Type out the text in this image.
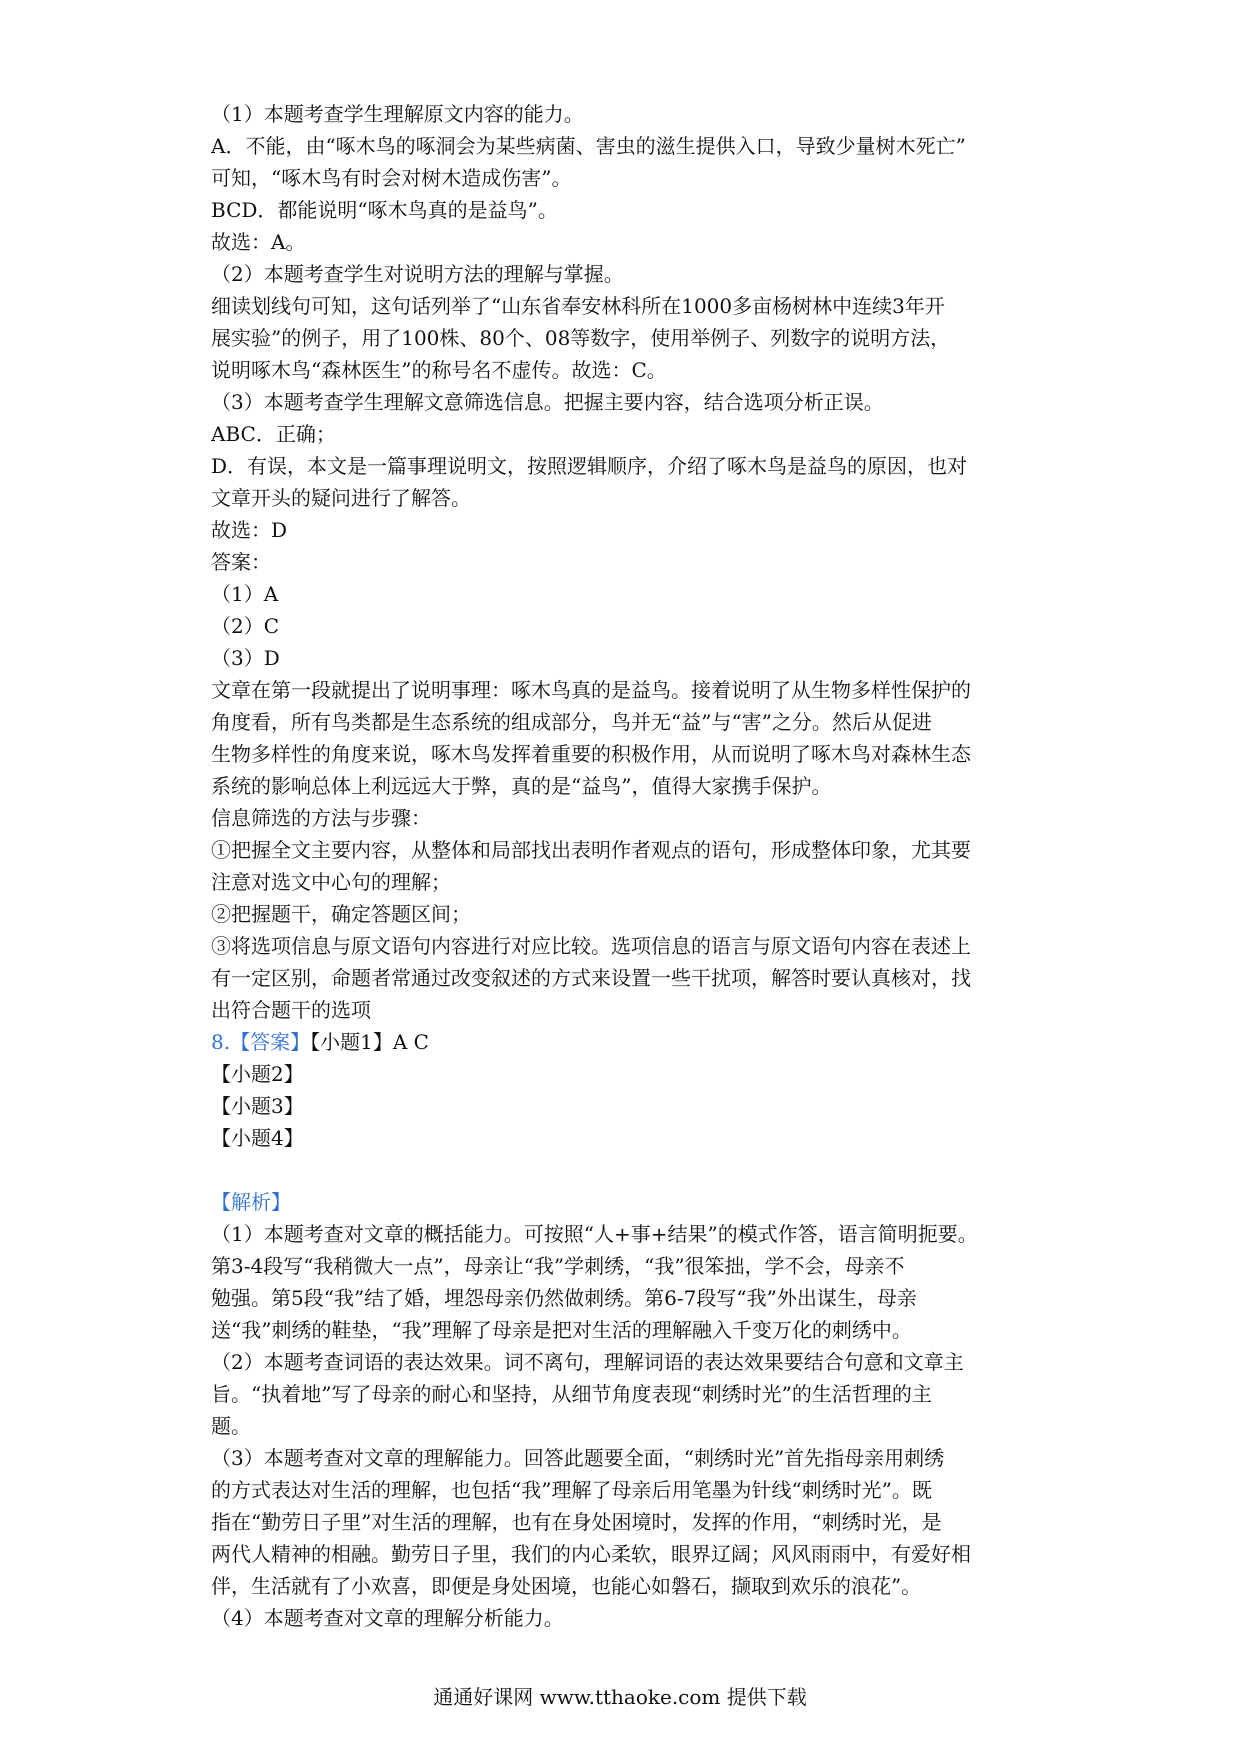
（1）本题考查学生理解原文内容的能力。
A．不能，由“啄木鸟的啄洞会为某些病菌、害虫的滋生提供入口，导致少量树木死亡”
可知，“啄木鸟有时会对树木造成伤害”。
BCD．都能说明“啄木鸟真的是益鸟”。
故选：A。
（2）本题考查学生对说明方法的理解与掌握。
细读划线句可知，这句话列举了“山东省奉安林科所在1000多亩杨树林中连续3年开
展实验”的例子，用了100株、80个、08等数字，使用举例子、列数字的说明方法，
说明啄木鸟“森林医生”的称号名不虚传。故选：C。
（3）本题考查学生理解文意筛选信息。把握主要内容，结合选项分析正误。
ABC．正确；
D．有误，本文是一篇事理说明文，按照逻辑顺序，介绍了啄木鸟是益鸟的原因，也对
文章开头的疑问进行了解答。
故选：D
答案：
（1）A
（2）C
（3）D
文章在第一段就提出了说明事理：啄木鸟真的是益鸟。接着说明了从生物多样性保护的
角度看，所有鸟类都是生态系统的组成部分，鸟并无“益”与“害”之分。然后从促进
生物多样性的角度来说，啄木鸟发挥着重要的积极作用，从而说明了啄木鸟对森林生态
系统的影响总体上利远远大于弊，真的是“益鸟”，值得大家携手保护。
信息筛选的方法与步骤：
①把握全文主要内容，从整体和局部找出表明作者观点的语句，形成整体印象，尤其要
注意对选文中心句的理解；
②把握题干，确定答题区间；
③将选项信息与原文语句内容进行对应比较。选项信息的语言与原文语句内容在表述上
有一定区别，命题者常通过改变叙述的方式来设置一些干扰项，解答时要认真核对，找
出符合题干的选项
8.【答案】【小题1】A C
【小题2】
【小题3】
【小题4】
【解析】
（1）本题考查对文章的概括能力。可按照“人+事+结果”的模式作答，语言简明扼要。
第3-4段写“我稍微大一点”，母亲让“我”学刺绣，“我”很笨拙，学不会，母亲不
勉强。第5段“我”结了婚，埋怨母亲仍然做刺绣。第6-7段写“我”外出谋生，母亲
送“我”刺绣的鞋垫，“我”理解了母亲是把对生活的理解融入千变万化的刺绣中。
（2）本题考查词语的表达效果。词不离句，理解词语的表达效果要结合句意和文章主
旨。“执着地”写了母亲的耐心和坚持，从细节角度表现“刺绣时光”的生活哲理的主
题。
（3）本题考查对文章的理解能力。回答此题要全面，“刺绣时光”首先指母亲用刺绣
的方式表达对生活的理解，也包括“我”理解了母亲后用笔墨为针线“刺绣时光”。既
指在“勤劳日子里”对生活的理解，也有在身处困境时，发挥的作用，“刺绣时光，是
两代人精神的相融。勤劳日子里，我们的内心柔软，眼界辽阔；风风雨雨中，有爱好相
伴，生活就有了小欢喜，即便是身处困境，也能心如磐石，撷取到欢乐的浪花”。
（4）本题考查对文章的理解分析能力。
通通好课网 www.tthaoke.com 提供下载
